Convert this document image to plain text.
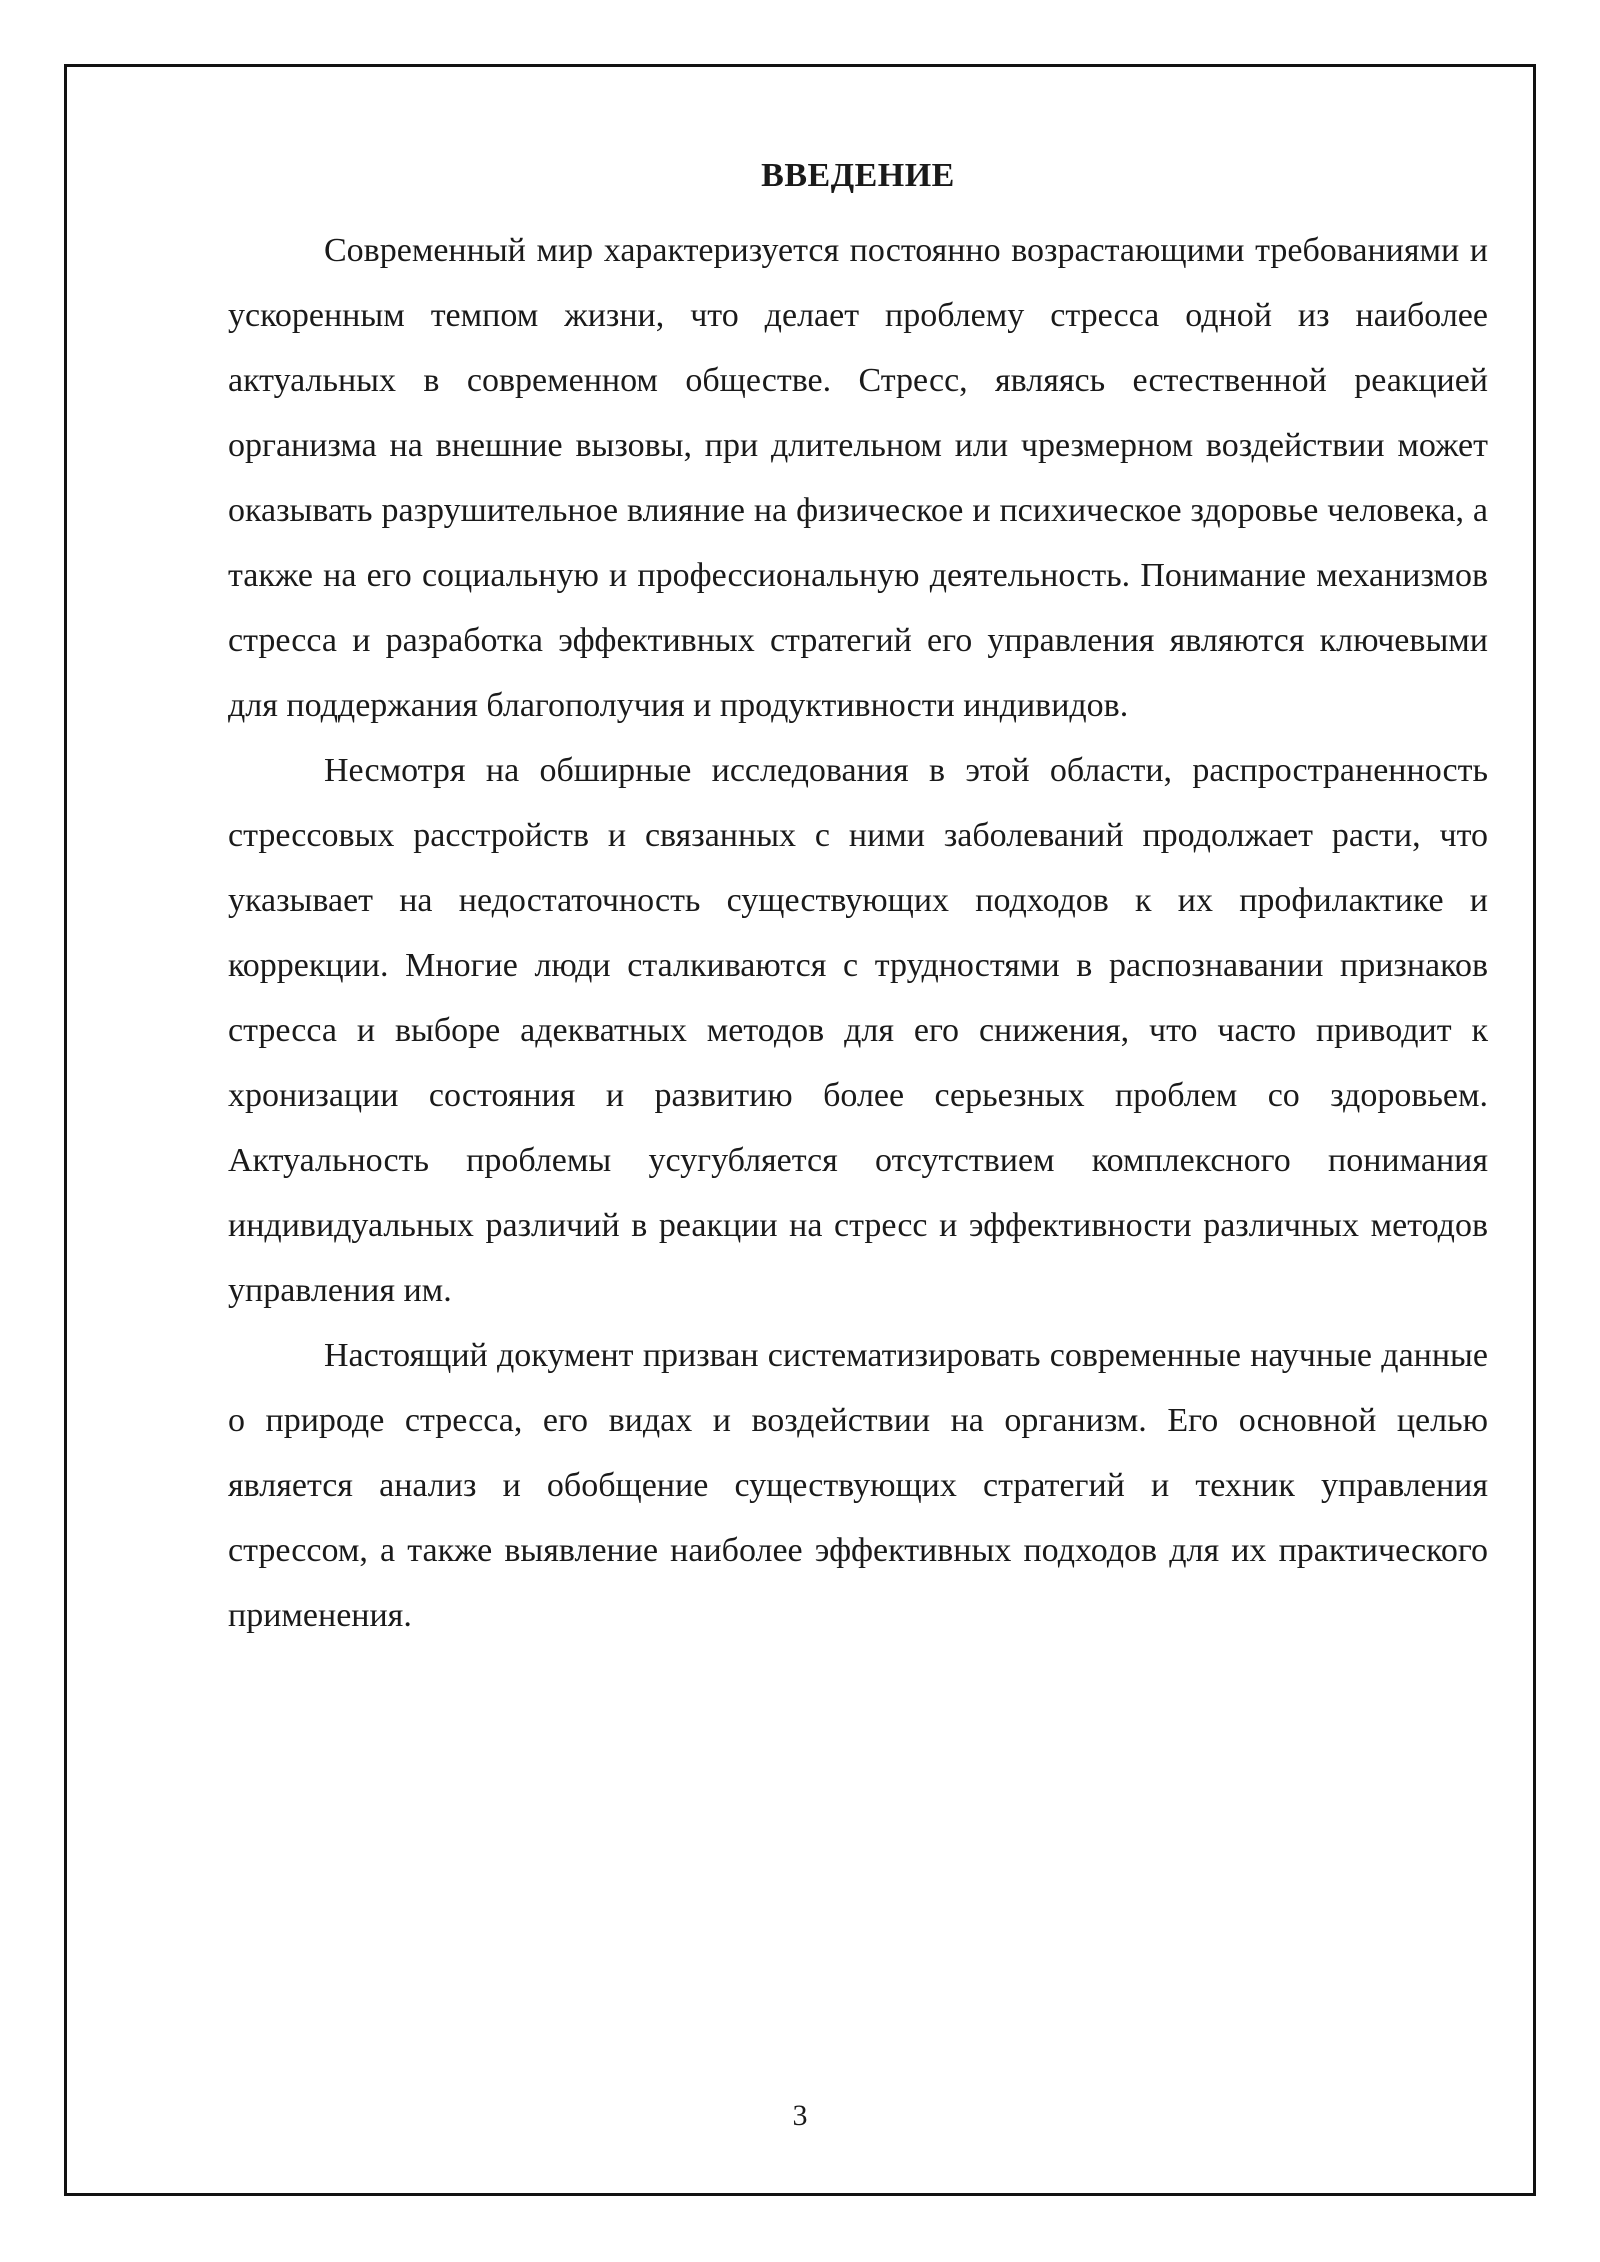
ВВЕДЕНИЕ

Современный мир характеризуется постоянно возрастающими требованиями и ускоренным темпом жизни, что делает проблему стресса одной из наиболее актуальных в современном обществе. Стресс, являясь естественной реакцией организма на внешние вызовы, при длительном или чрезмерном воздействии может оказывать разрушительное влияние на физическое и психическое здоровье человека, а также на его социальную и профессиональную деятельность. Понимание механизмов стресса и разработка эффективных стратегий его управления являются ключевыми для поддержания благополучия и продуктивности индивидов.

Несмотря на обширные исследования в этой области, распространенность стрессовых расстройств и связанных с ними заболеваний продолжает расти, что указывает на недостаточность существующих подходов к их профилактике и коррекции. Многие люди сталкиваются с трудностями в распознавании признаков стресса и выборе адекватных методов для его снижения, что часто приводит к хронизации состояния и развитию более серьезных проблем со здоровьем. Актуальность проблемы усугубляется отсутствием комплексного понимания индивидуальных различий в реакции на стресс и эффективности различных методов управления им.

Настоящий документ призван систематизировать современные научные данные о природе стресса, его видах и воздействии на организм. Его основной целью является анализ и обобщение существующих стратегий и техник управления стрессом, а также выявление наиболее эффективных подходов для их практического применения.

3
